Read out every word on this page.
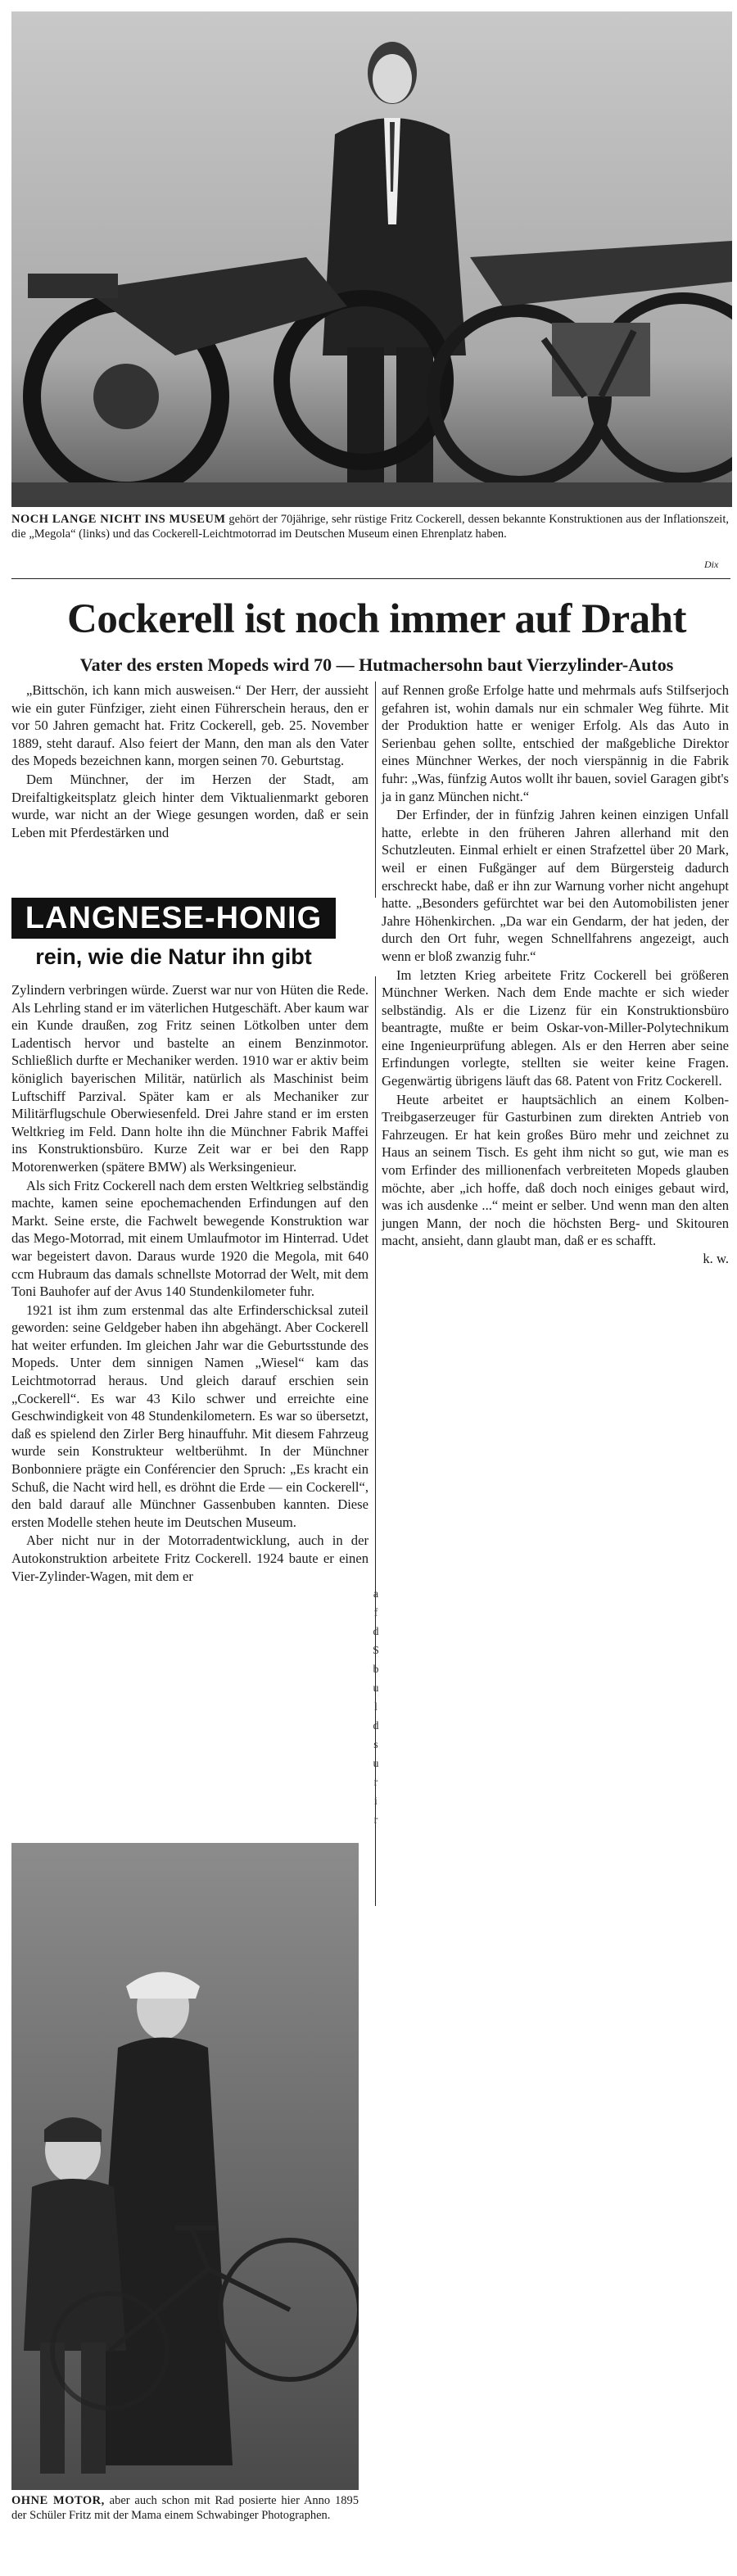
NOCH LANGE NICHT INS MUSEUM gehört der 70jährige, sehr rüstige Fritz Cockerell, dessen bekannte Konstruktionen aus der Inflationszeit, die „Megola“ (links) und das Cockerell-Leichtmotorrad im Deutschen Museum einen Ehrenplatz haben.
Dix
Cockerell ist noch immer auf Draht
Vater des ersten Mopeds wird 70 — Hutmachersohn baut Vierzylinder-Autos

„Bittschön, ich kann mich ausweisen.“ Der Herr, der aussieht wie ein guter Fünfziger, zieht einen Führerschein heraus, den er vor 50 Jahren gemacht hat. Fritz Cockerell, geb. 25. November 1889, steht darauf. Also feiert der Mann, den man als den Vater des Mopeds bezeichnen kann, morgen seinen 70. Geburtstag.

Dem Münchner, der im Herzen der Stadt, am Dreifaltigkeitsplatz gleich hinter dem Viktualienmarkt geboren wurde, war nicht an der Wiege gesungen worden, daß er sein Leben mit Pferdestärken und

LANGNESE-HONIG
rein, wie die Natur ihn gibt

Zylindern verbringen würde. Zuerst war nur von Hüten die Rede. Als Lehrling stand er im väterlichen Hutgeschäft. Aber kaum war ein Kunde draußen, zog Fritz seinen Lötkolben unter dem Ladentisch hervor und bastelte an einem Benzinmotor. Schließlich durfte er Mechaniker werden. 1910 war er aktiv beim königlich bayerischen Militär, natürlich als Maschinist beim Luftschiff Parzival. Später kam er als Mechaniker zur Militärflugschule Oberwiesenfeld. Drei Jahre stand er im ersten Weltkrieg im Feld. Dann holte ihn die Münchner Fabrik Maffei ins Konstruktionsbüro. Kurze Zeit war er bei den Rapp Motorenwerken (spätere BMW) als Werksingenieur.

Als sich Fritz Cockerell nach dem ersten Weltkrieg selbständig machte, kamen seine epochemachenden Erfindungen auf den Markt. Seine erste, die Fachwelt bewegende Konstruktion war das Mego-Motorrad, mit einem Umlaufmotor im Hinterrad. Udet war begeistert davon. Daraus wurde 1920 die Megola, mit 640 ccm Hubraum das damals schnellste Motorrad der Welt, mit dem Toni Bauhofer auf der Avus 140 Stundenkilometer fuhr.

1921 ist ihm zum erstenmal das alte Erfinderschicksal zuteil geworden: seine Geldgeber haben ihn abgehängt. Aber Cockerell hat weiter erfunden. Im gleichen Jahr war die Geburtsstunde des Mopeds. Unter dem sinnigen Namen „Wiesel“ kam das Leichtmotorrad heraus. Und gleich darauf erschien sein „Cockerell“. Es war 43 Kilo schwer und erreichte eine Geschwindigkeit von 48 Stundenkilometern. Es war so übersetzt, daß es spielend den Zirler Berg hinauffuhr. Mit diesem Fahrzeug wurde sein Konstrukteur weltberühmt. In der Münchner Bonbonniere prägte ein Conférencier den Spruch: „Es kracht ein Schuß, die Nacht wird hell, es dröhnt die Erde — ein Cockerell“, den bald darauf alle Münchner Gassenbuben kannten. Diese ersten Modelle stehen heute im Deutschen Museum.

Aber nicht nur in der Motorradentwicklung, auch in der Autokonstruktion arbeitete Fritz Cockerell. 1924 baute er einen Vier-Zylinder-Wagen, mit dem er

auf Rennen große Erfolge hatte und mehrmals aufs Stilfserjoch gefahren ist, wohin damals nur ein schmaler Weg führte. Mit der Produktion hatte er weniger Erfolg. Als das Auto in Serienbau gehen sollte, entschied der maßgebliche Direktor eines Münchner Werkes, der noch vierspännig in die Fabrik fuhr: „Was, fünfzig Autos wollt ihr bauen, soviel Garagen gibt's ja in ganz München nicht.“

Der Erfinder, der in fünfzig Jahren keinen einzigen Unfall hatte, erlebte in den früheren Jahren allerhand mit den Schutzleuten. Einmal erhielt er einen Strafzettel über 20 Mark, weil er einen Fußgänger auf dem Bürgersteig dadurch erschreckt habe, daß er ihn zur Warnung vorher nicht angehupt hatte. „Besonders gefürchtet war bei den Automobilisten jener Jahre Höhenkirchen. „Da war ein Gendarm, der hat jeden, der durch den Ort fuhr, wegen Schnellfahrens angezeigt, auch wenn er bloß zwanzig fuhr.“

Im letzten Krieg arbeitete Fritz Cockerell bei größeren Münchner Werken. Nach dem Ende machte er sich wieder selbständig. Als er die Lizenz für ein Konstruktionsbüro beantragte, mußte er beim Oskar-von-Miller-Polytechnikum eine Ingenieurprüfung ablegen. Als er den Herren aber seine Erfindungen vorlegte, stellten sie weiter keine Fragen. Gegenwärtig übrigens läuft das 68. Patent von Fritz Cockerell.

Heute arbeitet er hauptsächlich an einem Kolben-Treibgaserzeuger für Gasturbinen zum direkten Antrieb von Fahrzeugen. Er hat kein großes Büro mehr und zeichnet zu Haus an seinem Tisch. Es geht ihm nicht so gut, wie man es vom Erfinder des millionenfach verbreiteten Mopeds glauben möchte, aber „ich hoffe, daß doch noch einiges gebaut wird, was ich ausdenke ...“ meint er selber. Und wenn man den alten jungen Mann, der noch die höchsten Berg- und Skitouren macht, ansieht, dann glaubt man, daß er es schafft.

k. w.
a
f
d
S
b
u
l
d
s
u
r
i
r
OHNE MOTOR, aber auch schon mit Rad posierte hier Anno 1895 der Schüler Fritz mit der Mama einem Schwabinger Photographen.
